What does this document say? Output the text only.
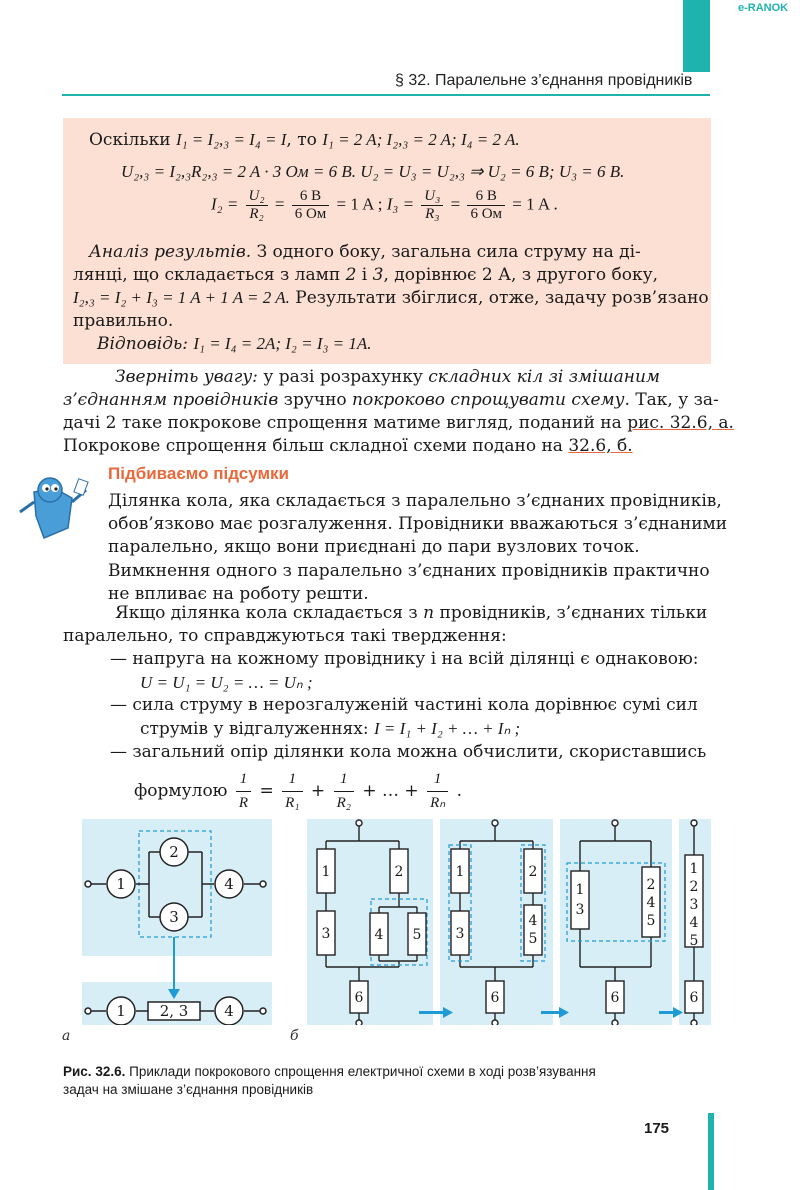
e-RANOK
§ 32. Паралельне з’єднання провідників
Оскільки I₁ = I₂,₃ = I₄ = I, то I₁ = 2 A; I₂,₃ = 2 A; I₄ = 2 A.
U₂,₃ = I₂,₃R₂,₃ = 2 A · 3 Ом = 6 B. U₂ = U₃ = U₂,₃ ⇒ U₂ = 6 B; U₃ = 6 B.
$I_2 = \frac{\text{U₂}}{\text{R₂}} = \frac{6 B}{6 Ом} = 1$ A ; $I_3 = \frac{\text{U₃}}{\text{R₃}} = \frac{6 B}{6 Ом} = 1$ A .
Аналіз результів. З одного боку, загальна сила струму на ді-
лянці, що складається з ламп 2 і 3, дорівнює 2 А, з другого боку,
I₂,₃ = I₂ + I₃ = 1 A + 1 A = 2 A. Результати збіглися, отже, задачу розв’язано
правильно.
Відповідь: I₁ = I₄ = 2А; I₂ = I₃ = 1А.
Зверніть увагу: у разі розрахунку складних кіл зі змішаним
з’єднанням провідників зручно покроково спрощувати схему. Так, у за-
дачі 2 таке покрокове спрощення матиме вигляд, поданий на рис. 32.6, а.
Покрокове спрощення більш складної схеми подано на 32.6, б.
Підбиваємо підсумки
Ділянка кола, яка складається з паралельно з’єднаних провідників,
обов’язково має розгалуження. Провідники вважаються з’єднаними
паралельно, якщо вони приєднані до пари вузлових точок.
Вимкнення одного з паралельно з’єднаних провідників практично
не впливає на роботу решти.
Якщо ділянка кола складається з n провідників, з’єднаних тільки
паралельно, то справджуються такі твердження:
— напруга на кожному провіднику і на всій ділянці є однаковою:
U = U₁ = U₂ = … = Uₙ ;
— сила струму в нерозгалуженій частині кола дорівнює сумі сил
струмів у відгалуженнях: I = I₁ + I₂ + … + Iₙ ;
— загальний опір ділянки кола можна обчислити, скориставшись
формулою $\frac{1}{R} = \frac{1}{\text{R₁}} + \frac{1}{\text{R₂}}$ + … + $\frac{1}{\text{Rₙ}}$ .
1
2
3
4
1 2, 3 4
а
1
3
2
4 5
6
1
3
2
4
5
6
1
3
2
4
5
6
1
2
3
4
5
6
б
Рис. 32.6. Приклади покрокового спрощення електричної схеми в ході розв’язування
задач на змішане з’єднання провідників
175
